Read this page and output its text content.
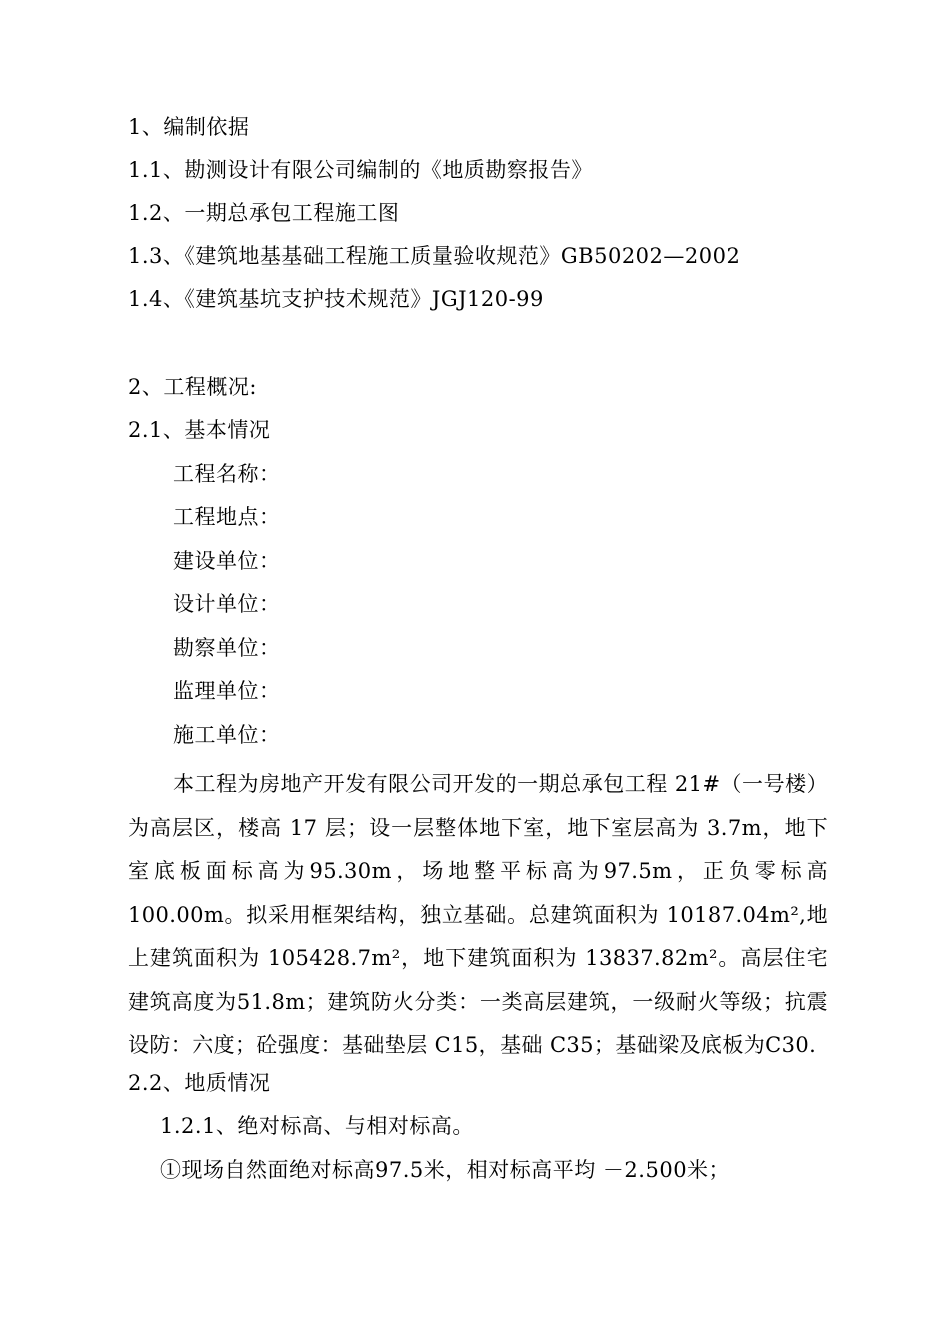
1、编制依据
1.1、勘测设计有限公司编制的《地质勘察报告》
1.2、一期总承包工程施工图
1.3、《建筑地基基础工程施工质量验收规范》GB50202—2002
1.4、《建筑基坑支护技术规范》JGJ120-99
2、工程概况:
2.1、基本情况
工程名称：
工程地点：
建设单位：
设计单位：
勘察单位：
监理单位：
施工单位：
本工程为房地产开发有限公司开发的一期总承包工程 21#（一号楼）为高层区，楼高 17 层；设一层整体地下室，地下室层高为 3.7m，地下室底板面标高为95.30m，场地整平标高为97.5m，正负零标高 100.00m。拟采用框架结构，独立基础。总建筑面积为 10187.04m²,地上建筑面积为 105428.7m²，地下建筑面积为 13837.82m²。高层住宅建筑高度为51.8m；建筑防火分类：一类高层建筑，一级耐火等级；抗震设防：六度；砼强度：基础垫层 C15，基础 C35；基础梁及底板为C30.
2.2、地质情况
1.2.1、绝对标高、与相对标高。
①现场自然面绝对标高97.5米，相对标高平均 －2.500米；
